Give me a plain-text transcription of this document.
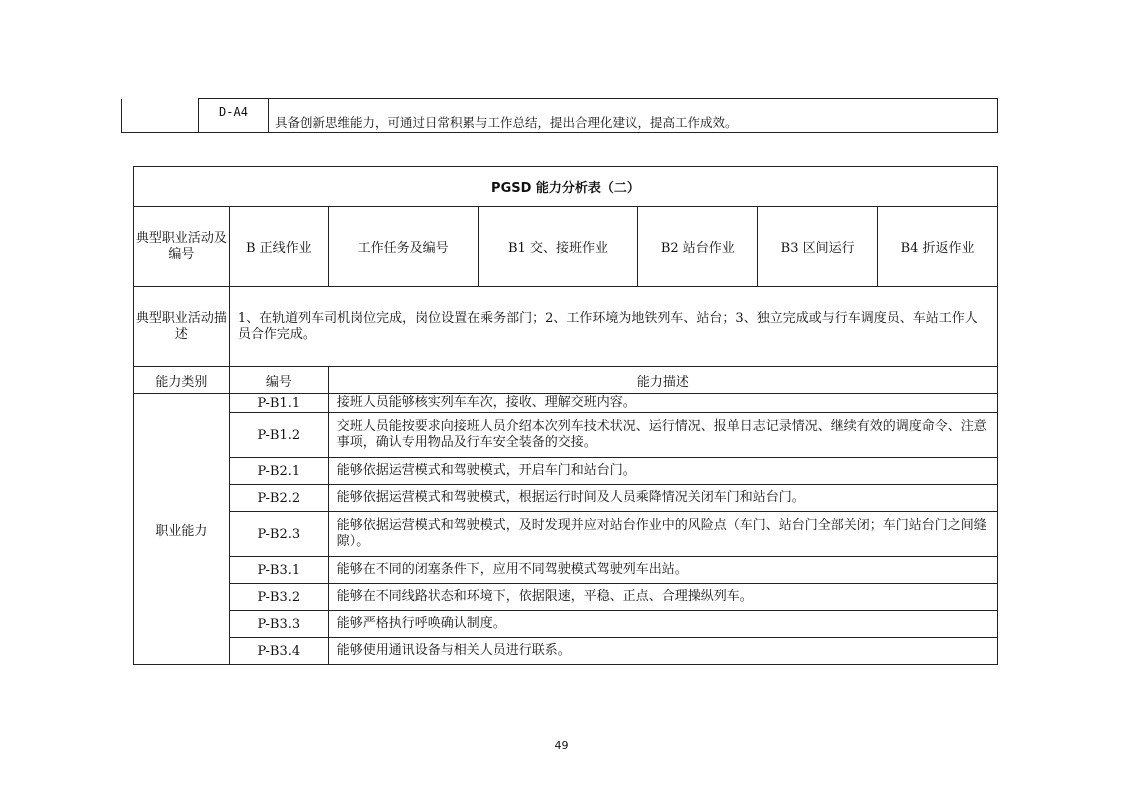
	D-A4	具备创新思维能力，可通过日常积累与工作总结，提出合理化建议，提高工作成效。
PGSD 能力分析表（二）						
典型职业活动及编号	B 正线作业	工作任务及编号	B1 交、接班作业	B2 站台作业	B3 区间运行	B4 折返作业
典型职业活动描述	1、在轨道列车司机岗位完成，岗位设置在乘务部门；2、工作环境为地铁列车、站台；3、独立完成或与行车调度员、车站工作人员合作完成。					
能力类别	编号	能力描述				
职业能力	P-B1.1	接班人员能够核实列车车次，接收、理解交班内容。				
	P-B1.2	交班人员能按要求向接班人员介绍本次列车技术状况、运行情况、报单日志记录情况、继续有效的调度命令、注意事项，确认专用物品及行车安全装备的交接。				
	P-B2.1	能够依据运营模式和驾驶模式，开启车门和站台门。				
	P-B2.2	能够依据运营模式和驾驶模式，根据运行时间及人员乘降情况关闭车门和站台门。				
	P-B2.3	能够依据运营模式和驾驶模式，及时发现并应对站台作业中的风险点（车门、站台门全部关闭；车门站台门之间缝隙）。				
	P-B3.1	能够在不同的闭塞条件下，应用不同驾驶模式驾驶列车出站。				
	P-B3.2	能够在不同线路状态和环境下，依据限速，平稳、正点、合理操纵列车。				
	P-B3.3	能够严格执行呼唤确认制度。				
	P-B3.4	能够使用通讯设备与相关人员进行联系。				
49
